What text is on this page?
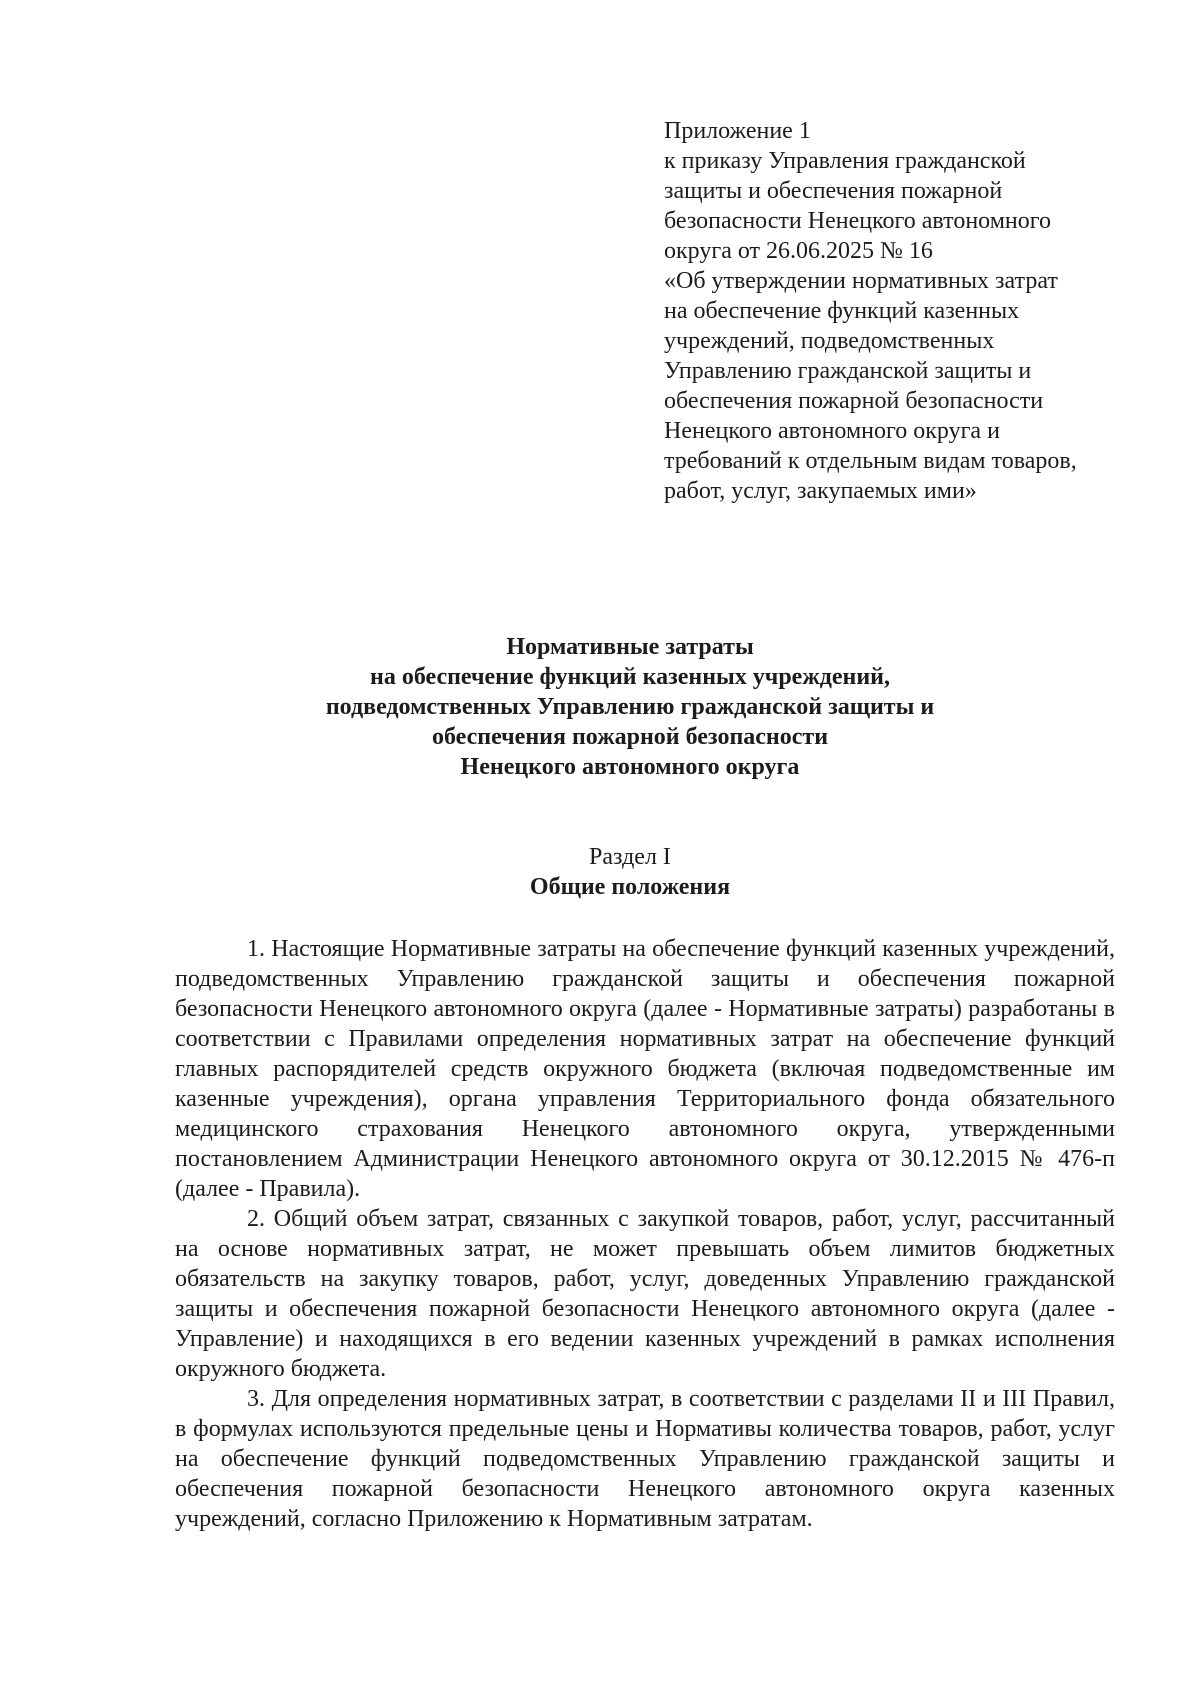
Приложение 1

к приказу Управления гражданской

защиты и обеспечения пожарной

безопасности Ненецкого автономного

округа от 26.06.2025 № 16

«Об утверждении нормативных затрат

на обеспечение функций казенных

учреждений, подведомственных

Управлению гражданской защиты и

обеспечения пожарной безопасности

Ненецкого автономного округа и

требований к отдельным видам товаров,

работ, услуг, закупаемых ими»

Нормативные затраты
на обеспечение функций казенных учреждений,
подведомственных Управлению гражданской защиты и
обеспечения пожарной безопасности
Ненецкого автономного округа

Раздел I

Общие положения

1. Настоящие Нормативные затраты на обеспечение функций казенных учреждений, подведомственных Управлению гражданской защиты и обеспечения пожарной безопасности Ненецкого автономного округа (далее - Нормативные затраты) разработаны в соответствии с Правилами определения нормативных затрат на обеспечение функций главных распорядителей средств окружного бюджета (включая подведомственные им казенные учреждения), органа управления Территориального фонда обязательного медицинского страхования Ненецкого автономного округа, утвержденными постановлением Администрации Ненецкого автономного округа от 30.12.2015 № 476-п (далее - Правила).

2. Общий объем затрат, связанных с закупкой товаров, работ, услуг, рассчитанный на основе нормативных затрат, не может превышать объем лимитов бюджетных обязательств на закупку товаров, работ, услуг, доведенных Управлению гражданской защиты и обеспечения пожарной безопасности Ненецкого автономного округа (далее - Управление) и находящихся в его ведении казенных учреждений в рамках исполнения окружного бюджета.

3. Для определения нормативных затрат, в соответствии с разделами II и III Правил, в формулах используются предельные цены и Нормативы количества товаров, работ, услуг на обеспечение функций подведомственных Управлению гражданской защиты и обеспечения пожарной безопасности Ненецкого автономного округа казенных учреждений, согласно Приложению к Нормативным затратам.
